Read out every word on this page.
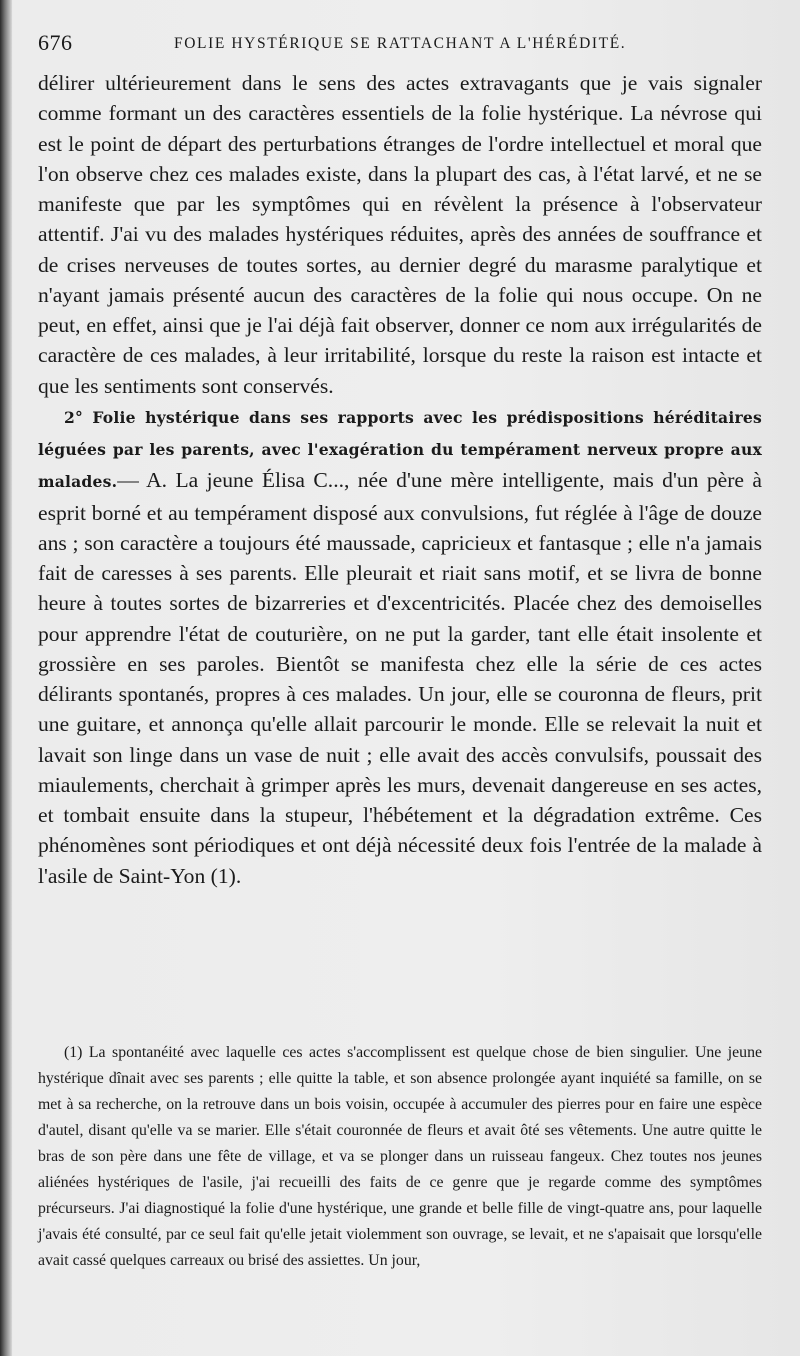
676	FOLIE HYSTÉRIQUE SE RATTACHANT A L'HÉRÉDITÉ.

délirer ultérieurement dans le sens des actes extravagants que je vais signaler comme formant un des caractères essentiels de la folie hystérique. La névrose qui est le point de départ des perturbations étranges de l'ordre intellectuel et moral que l'on observe chez ces malades existe, dans la plupart des cas, à l'état larvé, et ne se manifeste que par les symptômes qui en révèlent la présence à l'observateur attentif. J'ai vu des malades hystériques réduites, après des années de souffrance et de crises nerveuses de toutes sortes, au dernier degré du marasme paralytique et n'ayant jamais présenté aucun des caractères de la folie qui nous occupe. On ne peut, en effet, ainsi que je l'ai déjà fait observer, donner ce nom aux irrégularités de caractère de ces malades, à leur irritabilité, lorsque du reste la raison est intacte et que les sentiments sont conservés.

2° Folie hystérique dans ses rapports avec les prédispositions héréditaires léguées par les parents, avec l'exagération du tempérament nerveux propre aux malades.— A. La jeune Élisa C..., née d'une mère intelligente, mais d'un père à esprit borné et au tempérament disposé aux convulsions, fut réglée à l'âge de douze ans ; son caractère a toujours été maussade, capricieux et fantasque ; elle n'a jamais fait de caresses à ses parents. Elle pleurait et riait sans motif, et se livra de bonne heure à toutes sortes de bizarreries et d'excentricités. Placée chez des demoiselles pour apprendre l'état de couturière, on ne put la garder, tant elle était insolente et grossière en ses paroles. Bientôt se manifesta chez elle la série de ces actes délirants spontanés, propres à ces malades. Un jour, elle se couronna de fleurs, prit une guitare, et annonça qu'elle allait parcourir le monde. Elle se relevait la nuit et lavait son linge dans un vase de nuit ; elle avait des accès convulsifs, poussait des miaulements, cherchait à grimper après les murs, devenait dangereuse en ses actes, et tombait ensuite dans la stupeur, l'hébétement et la dégradation extrême. Ces phénomènes sont périodiques et ont déjà nécessité deux fois l'entrée de la malade à l'asile de Saint-Yon (1).

(1) La spontanéité avec laquelle ces actes s'accomplissent est quelque chose de bien singulier. Une jeune hystérique dînait avec ses parents ; elle quitte la table, et son absence prolongée ayant inquiété sa famille, on se met à sa recherche, on la retrouve dans un bois voisin, occupée à accumuler des pierres pour en faire une espèce d'autel, disant qu'elle va se marier. Elle s'était couronnée de fleurs et avait ôté ses vêtements. Une autre quitte le bras de son père dans une fête de village, et va se plonger dans un ruisseau fangeux. Chez toutes nos jeunes aliénées hystériques de l'asile, j'ai recueilli des faits de ce genre que je regarde comme des symptômes précurseurs. J'ai diagnostiqué la folie d'une hystérique, une grande et belle fille de vingt-quatre ans, pour laquelle j'avais été consulté, par ce seul fait qu'elle jetait violemment son ouvrage, se levait, et ne s'apaisait que lorsqu'elle avait cassé quelques carreaux ou brisé des assiettes. Un jour,
